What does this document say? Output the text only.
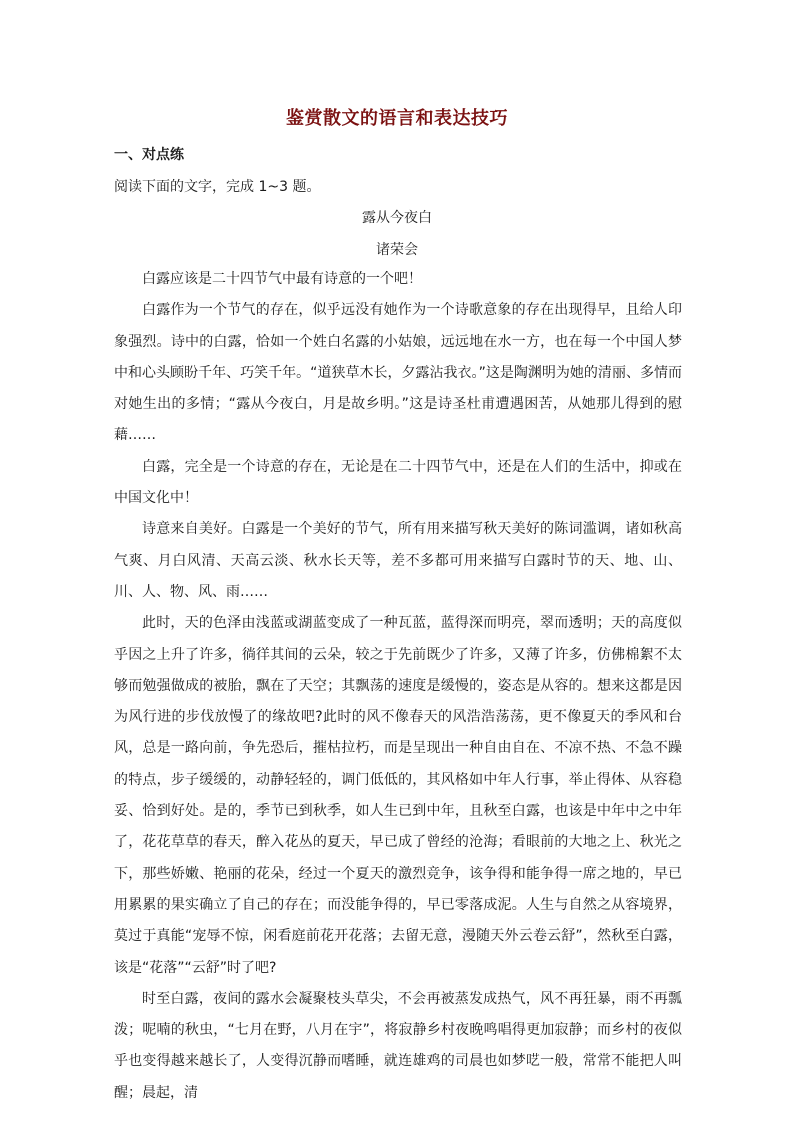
鉴赏散文的语言和表达技巧
一、对点练
阅读下面的文字，完成 1~3 题。
露从今夜白
诸荣会

白露应该是二十四节气中最有诗意的一个吧！

白露作为一个节气的存在，似乎远没有她作为一个诗歌意象的存在出现得早，且给人印象强烈。诗中的白露，恰如一个姓白名露的小姑娘，远远地在水一方，也在每一个中国人梦中和心头顾盼千年、巧笑千年。“道狭草木长，夕露沾我衣。”这是陶渊明为她的清丽、多情而对她生出的多情；“露从今夜白，月是故乡明。”这是诗圣杜甫遭遇困苦，从她那儿得到的慰藉……

白露，完全是一个诗意的存在，无论是在二十四节气中，还是在人们的生活中，抑或在中国文化中！

诗意来自美好。白露是一个美好的节气，所有用来描写秋天美好的陈词滥调，诸如秋高气爽、月白风清、天高云淡、秋水长天等，差不多都可用来描写白露时节的天、地、山、川、人、物、风、雨……

此时，天的色泽由浅蓝或湖蓝变成了一种瓦蓝，蓝得深而明亮，翠而透明；天的高度似乎因之上升了许多，徜徉其间的云朵，较之于先前既少了许多，又薄了许多，仿佛棉絮不太够而勉强做成的被胎，飘在了天空；其飘荡的速度是缓慢的，姿态是从容的。想来这都是因为风行进的步伐放慢了的缘故吧?此时的风不像春天的风浩浩荡荡，更不像夏天的季风和台风，总是一路向前，争先恐后，摧枯拉朽，而是呈现出一种自由自在、不凉不热、不急不躁的特点，步子缓缓的，动静轻轻的，调门低低的，其风格如中年人行事，举止得体、从容稳妥、恰到好处。是的，季节已到秋季，如人生已到中年，且秋至白露，也该是中年中之中年了，花花草草的春天，醉入花丛的夏天，早已成了曾经的沧海；看眼前的大地之上、秋光之下，那些娇嫩、艳丽的花朵，经过一个夏天的激烈竞争，该争得和能争得一席之地的，早已用累累的果实确立了自己的存在；而没能争得的，早已零落成泥。人生与自然之从容境界，莫过于真能“宠辱不惊，闲看庭前花开花落；去留无意，漫随天外云卷云舒”，然秋至白露，该是“花落”“云舒”时了吧?

时至白露，夜间的露水会凝聚枝头草尖，不会再被蒸发成热气，风不再狂暴，雨不再瓢泼；呢喃的秋虫，“七月在野，八月在宇”，将寂静乡村夜晚鸣唱得更加寂静；而乡村的夜似乎也变得越来越长了，人变得沉静而嗜睡，就连雄鸡的司晨也如梦呓一般，常常不能把人叫醒；晨起，清
